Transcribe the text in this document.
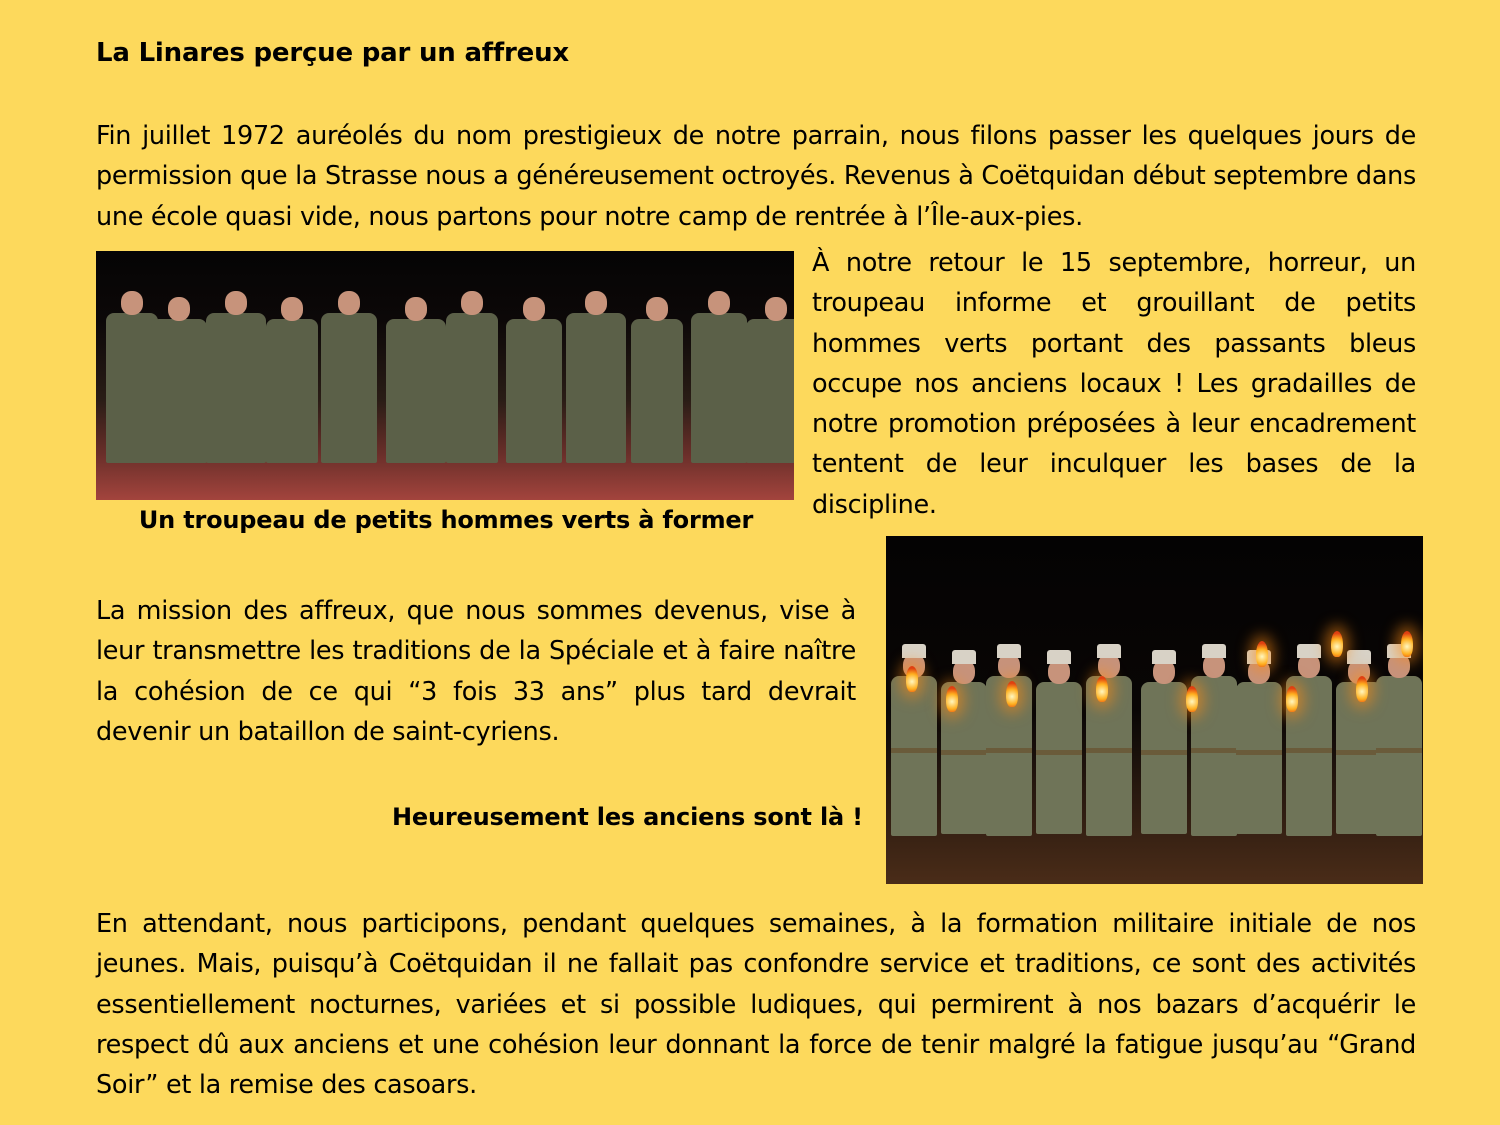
La Linares perçue par un affreux

Fin juillet 1972 auréolés du nom prestigieux de notre parrain, nous filons passer les quelques jours de permission que la Strasse nous a généreusement octroyés. Revenus à Coëtquidan début septembre dans une école quasi vide, nous partons pour notre camp de rentrée à l’Île-aux-pies.

Un troupeau de petits hommes verts à former

À notre retour le 15 septembre, horreur, un troupeau informe et grouillant de petits hommes verts portant des passants bleus occupe nos anciens locaux ! Les gradailles de notre promotion préposées à leur encadrement tentent de leur inculquer les bases de la discipline.

La mission des affreux, que nous sommes devenus, vise à leur transmettre les traditions de la Spéciale et à faire naître la cohésion de ce qui “3 fois 33 ans” plus tard devrait devenir un bataillon de saint-cyriens.

Heureusement les anciens sont là !

En attendant, nous participons, pendant quelques semaines, à la formation militaire initiale de nos jeunes. Mais, puisqu’à Coëtquidan il ne fallait pas confondre service et traditions, ce sont des activités essentiellement nocturnes, variées et si possible ludiques, qui permirent à nos bazars d’acquérir le respect dû aux anciens et une cohésion leur donnant la force de tenir malgré la fatigue jusqu’au “Grand Soir” et la remise des casoars.
